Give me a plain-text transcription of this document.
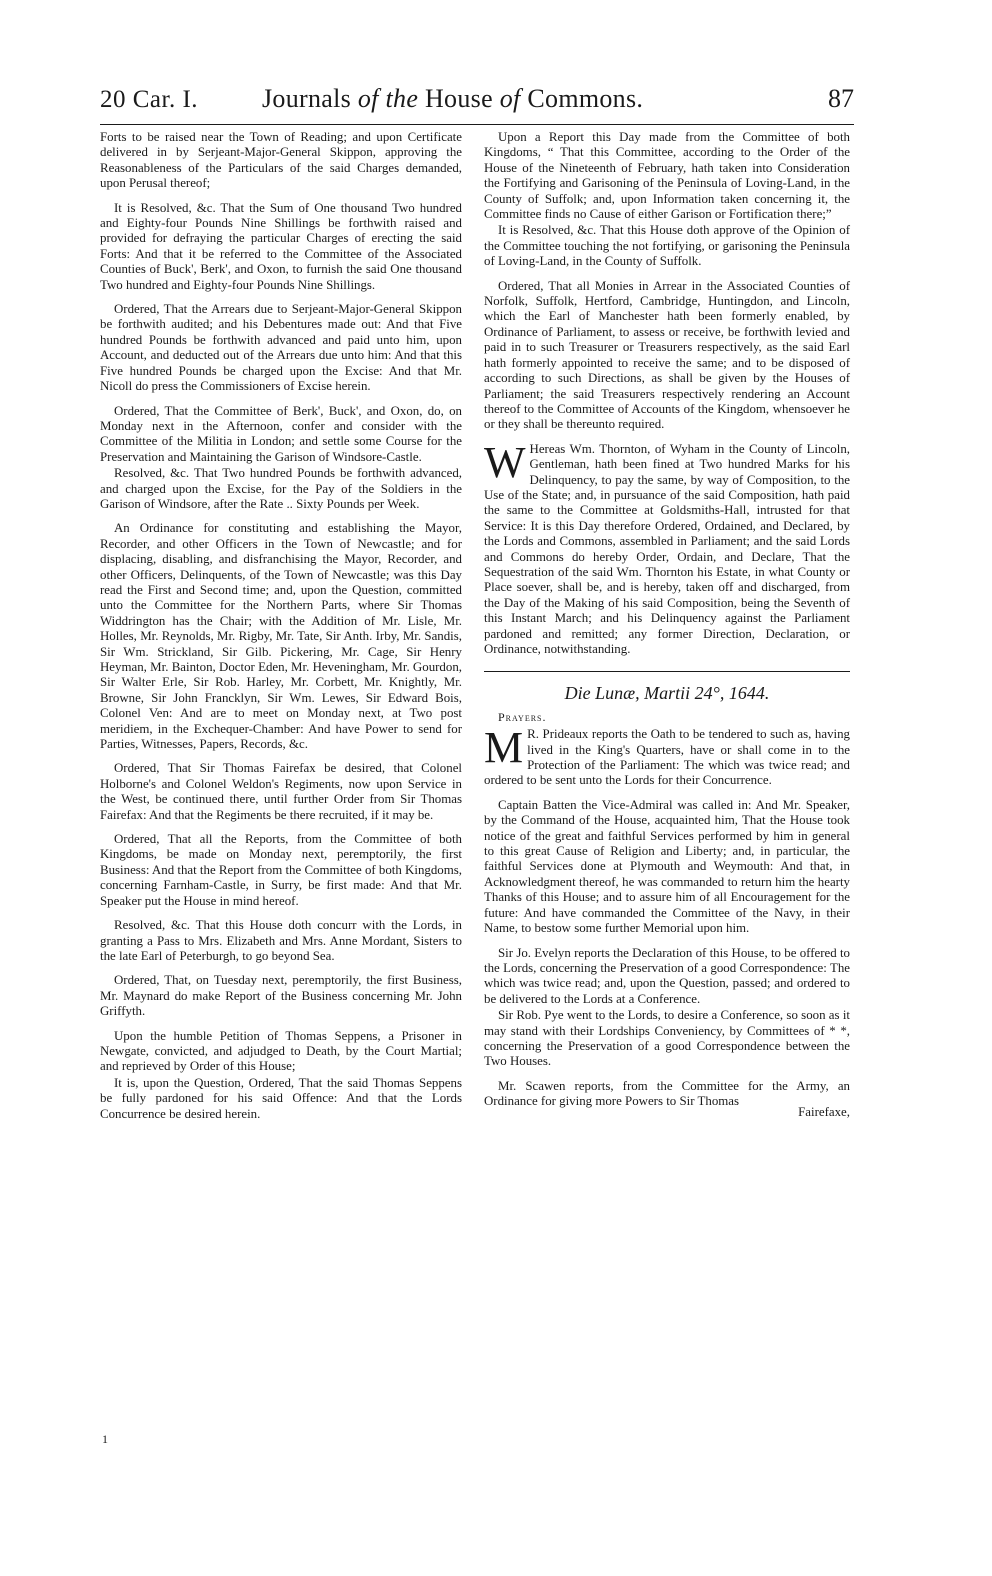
20 Car. I. Journals of the House of Commons.	87

Forts to be raised near the Town of Reading; and upon Certificate delivered in by Serjeant-Major-General Skippon, approving the Reasonableness of the Particulars of the said Charges demanded, upon Perusal thereof;

It is Resolved, &c. That the Sum of One thousand Two hundred and Eighty-four Pounds Nine Shillings be forthwith raised and provided for defraying the particular Charges of erecting the said Forts: And that it be referred to the Committee of the Associated Counties of Buck', Berk', and Oxon, to furnish the said One thousand Two hundred and Eighty-four Pounds Nine Shillings.

Ordered, That the Arrears due to Serjeant-Major-General Skippon be forthwith audited; and his Debentures made out: And that Five hundred Pounds be forthwith advanced and paid unto him, upon Account, and deducted out of the Arrears due unto him: And that this Five hundred Pounds be charged upon the Excise: And that Mr. Nicoll do press the Commissioners of Excise herein.

Ordered, That the Committee of Berk', Buck', and Oxon, do, on Monday next in the Afternoon, confer and consider with the Committee of the Militia in London; and settle some Course for the Preservation and Maintaining the Garison of Windsore-Castle.

Resolved, &c. That Two hundred Pounds be forthwith advanced, and charged upon the Excise, for the Pay of the Soldiers in the Garison of Windsore, after the Rate .. Sixty Pounds per Week.

An Ordinance for constituting and establishing the Mayor, Recorder, and other Officers in the Town of Newcastle; and for displacing, disabling, and disfranchising the Mayor, Recorder, and other Officers, Delinquents, of the Town of Newcastle; was this Day read the First and Second time; and, upon the Question, committed unto the Committee for the Northern Parts, where Sir Thomas Widdrington has the Chair; with the Addition of Mr. Lisle, Mr. Holles, Mr. Reynolds, Mr. Rigby, Mr. Tate, Sir Anth. Irby, Mr. Sandis, Sir Wm. Strickland, Sir Gilb. Pickering, Mr. Cage, Sir Henry Heyman, Mr. Bainton, Doctor Eden, Mr. Heveningham, Mr. Gourdon, Sir Walter Erle, Sir Rob. Harley, Mr. Corbett, Mr. Knightly, Mr. Browne, Sir John Francklyn, Sir Wm. Lewes, Sir Edward Bois, Colonel Ven: And are to meet on Monday next, at Two post meridiem, in the Exchequer-Chamber: And have Power to send for Parties, Witnesses, Papers, Records, &c.

Ordered, That Sir Thomas Fairefax be desired, that Colonel Holborne's and Colonel Weldon's Regiments, now upon Service in the West, be continued there, until further Order from Sir Thomas Fairefax: And that the Regiments be there recruited, if it may be.

Ordered, That all the Reports, from the Committee of both Kingdoms, be made on Monday next, peremptorily, the first Business: And that the Report from the Committee of both Kingdoms, concerning Farnham-Castle, in Surry, be first made: And that Mr. Speaker put the House in mind hereof.

Resolved, &c. That this House doth concurr with the Lords, in granting a Pass to Mrs. Elizabeth and Mrs. Anne Mordant, Sisters to the late Earl of Peterburgh, to go beyond Sea.

Ordered, That, on Tuesday next, peremptorily, the first Business, Mr. Maynard do make Report of the Business concerning Mr. John Griffyth.

Upon the humble Petition of Thomas Seppens, a Prisoner in Newgate, convicted, and adjudged to Death, by the Court Martial; and reprieved by Order of this House;

It is, upon the Question, Ordered, That the said Thomas Seppens be fully pardoned for his said Offence: And that the Lords Concurrence be desired herein.

Upon a Report this Day made from the Committee of both Kingdoms, “ That this Committee, according to the Order of the House of the Nineteenth of February, hath taken into Consideration the Fortifying and Garisoning of the Peninsula of Loving-Land, in the County of Suffolk; and, upon Information taken concerning it, the Committee finds no Cause of either Garison or Fortification there;”

It is Resolved, &c. That this House doth approve of the Opinion of the Committee touching the not fortifying, or garisoning the Peninsula of Loving-Land, in the County of Suffolk.

Ordered, That all Monies in Arrear in the Associated Counties of Norfolk, Suffolk, Hertford, Cambridge, Huntingdon, and Lincoln, which the Earl of Manchester hath been formerly enabled, by Ordinance of Parliament, to assess or receive, be forthwith levied and paid in to such Treasurer or Treasurers respectively, as the said Earl hath formerly appointed to receive the same; and to be disposed of according to such Directions, as shall be given by the Houses of Parliament; the said Treasurers respectively rendering an Account thereof to the Committee of Accounts of the Kingdom, whensoever he or they shall be thereunto required.

W Hereas Wm. Thornton, of Wyham in the County of Lincoln, Gentleman, hath been fined at Two hundred Marks for his Delinquency, to pay the same, by way of Composition, to the Use of the State; and, in pursuance of the said Composition, hath paid the same to the Committee at Goldsmiths-Hall, intrusted for that Service: It is this Day therefore Ordered, Ordained, and Declared, by the Lords and Commons, assembled in Parliament; and the said Lords and Commons do hereby Order, Ordain, and Declare, That the Sequestration of the said Wm. Thornton his Estate, in what County or Place soever, shall be, and is hereby, taken off and discharged, from the Day of the Making of his said Composition, being the Seventh of this Instant March; and his Delinquency against the Parliament pardoned and remitted; any former Direction, Declaration, or Ordinance, notwithstanding.

Die Lunæ, Martii 24°, 1644.
Prayers.

M R. Prideaux reports the Oath to be tendered to such as, having lived in the King's Quarters, have or shall come in to the Protection of the Parliament: The which was twice read; and ordered to be sent unto the Lords for their Concurrence.

Captain Batten the Vice-Admiral was called in: And Mr. Speaker, by the Command of the House, acquainted him, That the House took notice of the great and faithful Services performed by him in general to this great Cause of Religion and Liberty; and, in particular, the faithful Services done at Plymouth and Weymouth: And that, in Acknowledgment thereof, he was commanded to return him the hearty Thanks of this House; and to assure him of all Encouragement for the future: And have commanded the Committee of the Navy, in their Name, to bestow some further Memorial upon him.

Sir Jo. Evelyn reports the Declaration of this House, to be offered to the Lords, concerning the Preservation of a good Correspondence: The which was twice read; and, upon the Question, passed; and ordered to be delivered to the Lords at a Conference.

Sir Rob. Pye went to the Lords, to desire a Conference, so soon as it may stand with their Lordships Conveniency, by Committees of * *, concerning the Preservation of a good Correspondence between the Two Houses.

Mr. Scawen reports, from the Committee for the Army, an Ordinance for giving more Powers to Sir Thomas

Fairefaxe,
1
